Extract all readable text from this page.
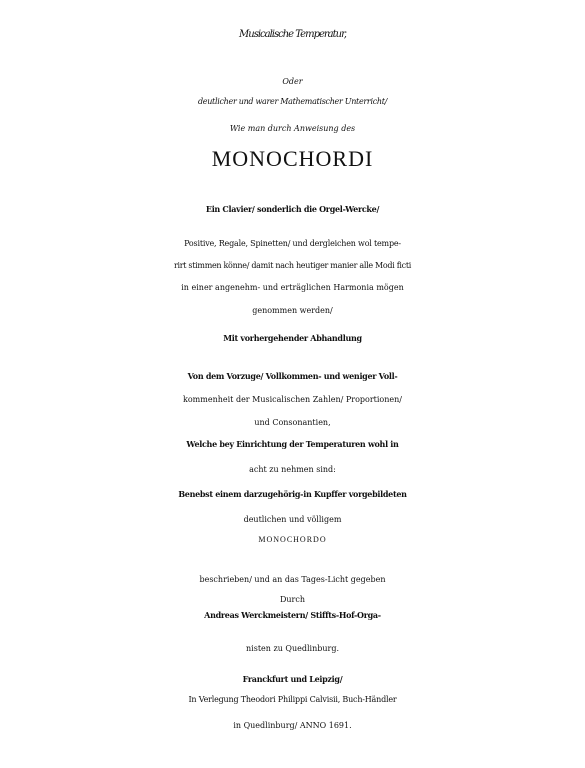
Musicalische Temperatur,
Oder
deutlicher und warer Mathematischer Unterricht/
Wie man durch Anweisung des
MONOCHORDI
Ein Clavier/ sonderlich die Orgel-Wercke/
Positive, Regale, Spinetten/ und dergleichen wol tempe-
rirt stimmen könne/ damit nach heutiger manier alle Modi ficti
in einer angenehm- und erträglichen Harmonia mögen
genommen werden/
Mit vorhergehender Abhandlung
Von dem Vorzuge/ Vollkommen- und weniger Voll-
kommenheit der Musicalischen Zahlen/ Proportionen/
und Consonantien,
Welche bey Einrichtung der Temperaturen wohl in
acht zu nehmen sind:
Benebst einem darzugehörig-in Kupffer vorgebildeten
deutlichen und völligem
MONOCHORDO
beschrieben/ und an das Tages-Licht gegeben
Durch
Andreas Werckmeistern/ Stiffts-Hof-Orga-
nisten zu Quedlinburg.
Franckfurt und Leipzig/
In Verlegung Theodori Philippi Calvisii, Buch-Händler
in Quedlinburg/ ANNO 1691.
